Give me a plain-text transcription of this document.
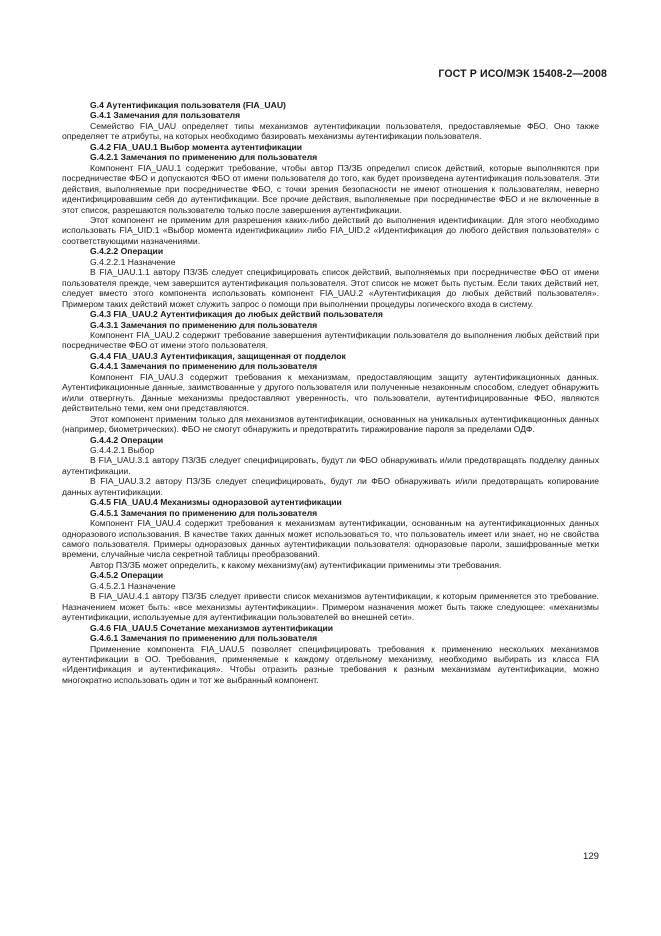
ГОСТ Р ИСО/МЭК 15408-2—2008

G.4 Аутентификация пользователя (FIA_UAU)

G.4.1 Замечания для пользователя

Семейство FIA_UAU определяет типы механизмов аутентификации пользователя, предоставляемые ФБО. Оно также определяет те атрибуты, на которых необходимо базировать механизмы аутентификации пользователя.

G.4.2 FIA_UAU.1 Выбор момента аутентификации

G.4.2.1 Замечания по применению для пользователя

Компонент FIA_UAU.1 содержит требование, чтобы автор ПЗ/ЗБ определил список действий, которые выполняются при посредничестве ФБО и допускаются ФБО от имени пользователя до того, как будет произведена аутентификация пользователя. Эти действия, выполняемые при посредничестве ФБО, с точки зрения безопасности не имеют отношения к пользователям, неверно идентифицировавшим себя до аутентификации. Все прочие действия, выполняемые при посредничестве ФБО и не включенные в этот список, разрешаются пользователю только после завершения аутентификации.

Этот компонент не применим для разрешения каких-либо действий до выполнения идентификации. Для этого необходимо использовать FIA_UID.1 «Выбор момента идентификации» либо FIA_UID.2 «Идентификация до любого действия пользователя» с соответствующими назначениями.

G.4.2.2 Операции

G.4.2.2.1 Назначение

В FIA_UAU.1.1 автору ПЗ/ЗБ следует специфицировать список действий, выполняемых при посредничестве ФБО от имени пользователя прежде, чем завершится аутентификация пользователя. Этот список не может быть пустым. Если таких действий нет, следует вместо этого компонента использовать компонент FIA_UAU.2 «Аутентификация до любых действий пользователя». Примером таких действий может служить запрос о помощи при выполнении процедуры логического входа в систему.

G.4.3 FIA_UAU.2 Аутентификация до любых действий пользователя

G.4.3.1 Замечания по применению для пользователя

Компонент FIA_UAU.2 содержит требование завершения аутентификации пользователя до выполнения любых действий при посредничестве ФБО от имени этого пользователя.

G.4.4 FIA_UAU.3 Аутентификация, защищенная от подделок

G.4.4.1 Замечания по применению для пользователя

Компонент FIA_UAU.3 содержит требования к механизмам, предоставляющим защиту аутентификационных данных. Аутентификационные данные, заимствованные у другого пользователя или полученные незаконным способом, следует обнаружить и/или отвергнуть. Данные механизмы предоставляют уверенность, что пользователи, аутентифицированные ФБО, являются действительно теми, кем они представляются.

Этот компонент применим только для механизмов аутентификации, основанных на уникальных аутентификационных данных (например, биометрических). ФБО не смогут обнаружить и предотвратить тиражирование пароля за пределами ОДФ.

G.4.4.2 Операции

G.4.4.2.1 Выбор

В FIA_UAU.3.1 автору ПЗ/ЗБ следует специфицировать, будут ли ФБО обнаруживать и/или предотвращать подделку данных аутентификации.

В FIA_UAU.3.2 автору ПЗ/ЗБ следует специфицировать, будут ли ФБО обнаруживать и/или предотвращать копирование данных аутентификации.

G.4.5 FIA_UAU.4 Механизмы одноразовой аутентификации

G.4.5.1 Замечания по применению для пользователя

Компонент FIA_UAU.4 содержит требования к механизмам аутентификации, основанным на аутентификационных данных одноразового использования. В качестве таких данных может использоваться то, что пользователь имеет или знает, но не свойства самого пользователя. Примеры одноразовых данных аутентификации пользователя: одноразовые пароли, зашифрованные метки времени, случайные числа секретной таблицы преобразований.

Автор ПЗ/ЗБ может определить, к какому механизму(ам) аутентификации применимы эти требования.

G.4.5.2 Операции

G.4.5.2.1 Назначение

В FIA_UAU.4.1 автору ПЗ/ЗБ следует привести список механизмов аутентификации, к которым применяется это требование. Назначением может быть: «все механизмы аутентификации». Примером назначения может быть также следующее: «механизмы аутентификации, используемые для аутентификации пользователей во внешней сети».

G.4.6 FIA_UAU.5 Сочетание механизмов аутентификации

G.4.6.1 Замечания по применению для пользователя

Применение компонента FIA_UAU.5 позволяет специфицировать требования к применению нескольких механизмов аутентификации в ОО. Требования, применяемые к каждому отдельному механизму, необходимо выбирать из класса FIA «Идентификация и аутентификация». Чтобы отразить разные требования к разным механизмам аутентификации, можно многократно использовать один и тот же выбранный компонент.

129
